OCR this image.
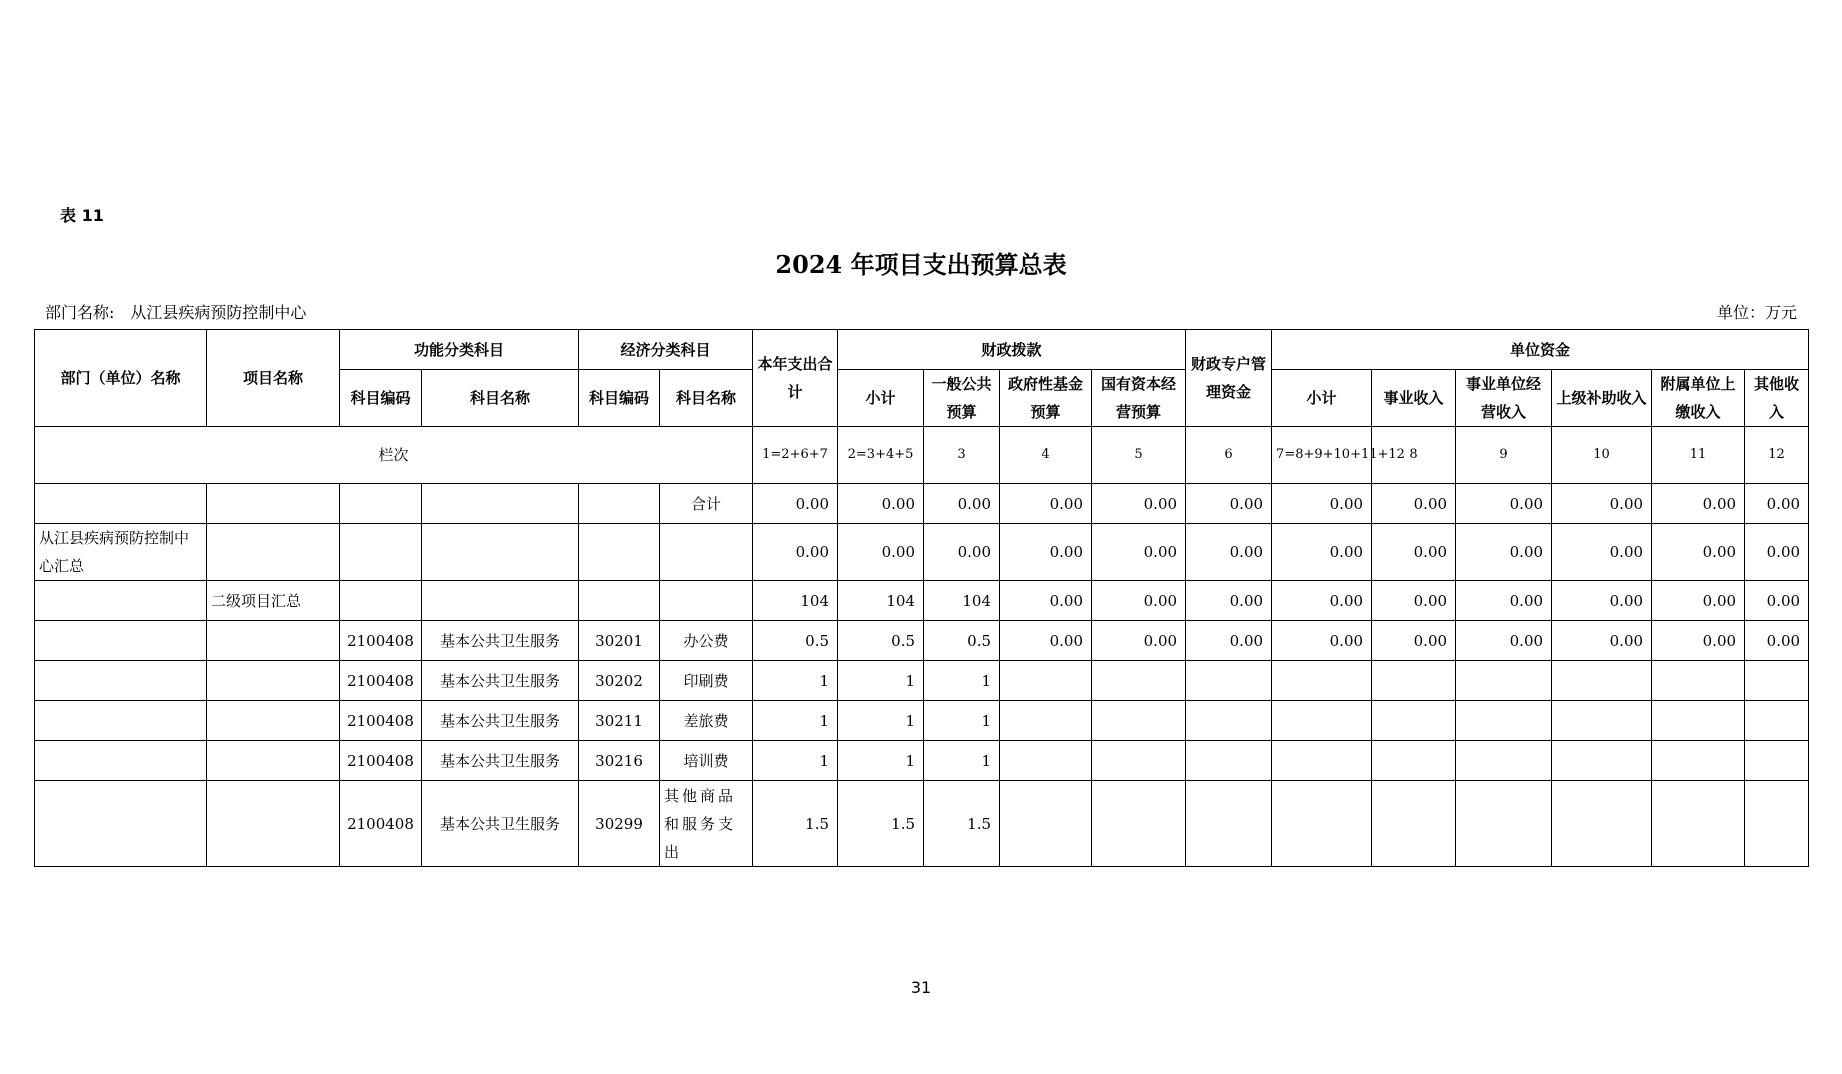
表 11
2024 年项目支出预算总表
部门名称: 从江县疾病预防控制中心	单位：万元
部门（单位）名称	项目名称	功能分类科目		经济分类科目		本年支出合计	财政拨款				财政专户管理资金	单位资金					
		科目编码	科目名称	科目编码	科目名称		小计	一般公共预算	政府性基金预算	国有资本经营预算		小计	事业收入	事业单位经营收入	上级补助收入	附属单位上缴收入	其他收入
栏次						1=2+6+7	2=3+4+5	3	4	5	6	7=8+9+10+11+12	8	9	10	11	12
					合计	0.00	0.00	0.00	0.00	0.00	0.00	0.00	0.00	0.00	0.00	0.00	0.00
从江县疾病预防控制中心汇总						0.00	0.00	0.00	0.00	0.00	0.00	0.00	0.00	0.00	0.00	0.00	0.00
	二级项目汇总					104	104	104	0.00	0.00	0.00	0.00	0.00	0.00	0.00	0.00	0.00
		2100408	基本公共卫生服务	30201	办公费	0.5	0.5	0.5	0.00	0.00	0.00	0.00	0.00	0.00	0.00	0.00	0.00
		2100408	基本公共卫生服务	30202	印刷费	1	1	1									
		2100408	基本公共卫生服务	30211	差旅费	1	1	1									
		2100408	基本公共卫生服务	30216	培训费	1	1	1									
		2100408	基本公共卫生服务	30299	其他商品和服务支出	1.5	1.5	1.5									
31
